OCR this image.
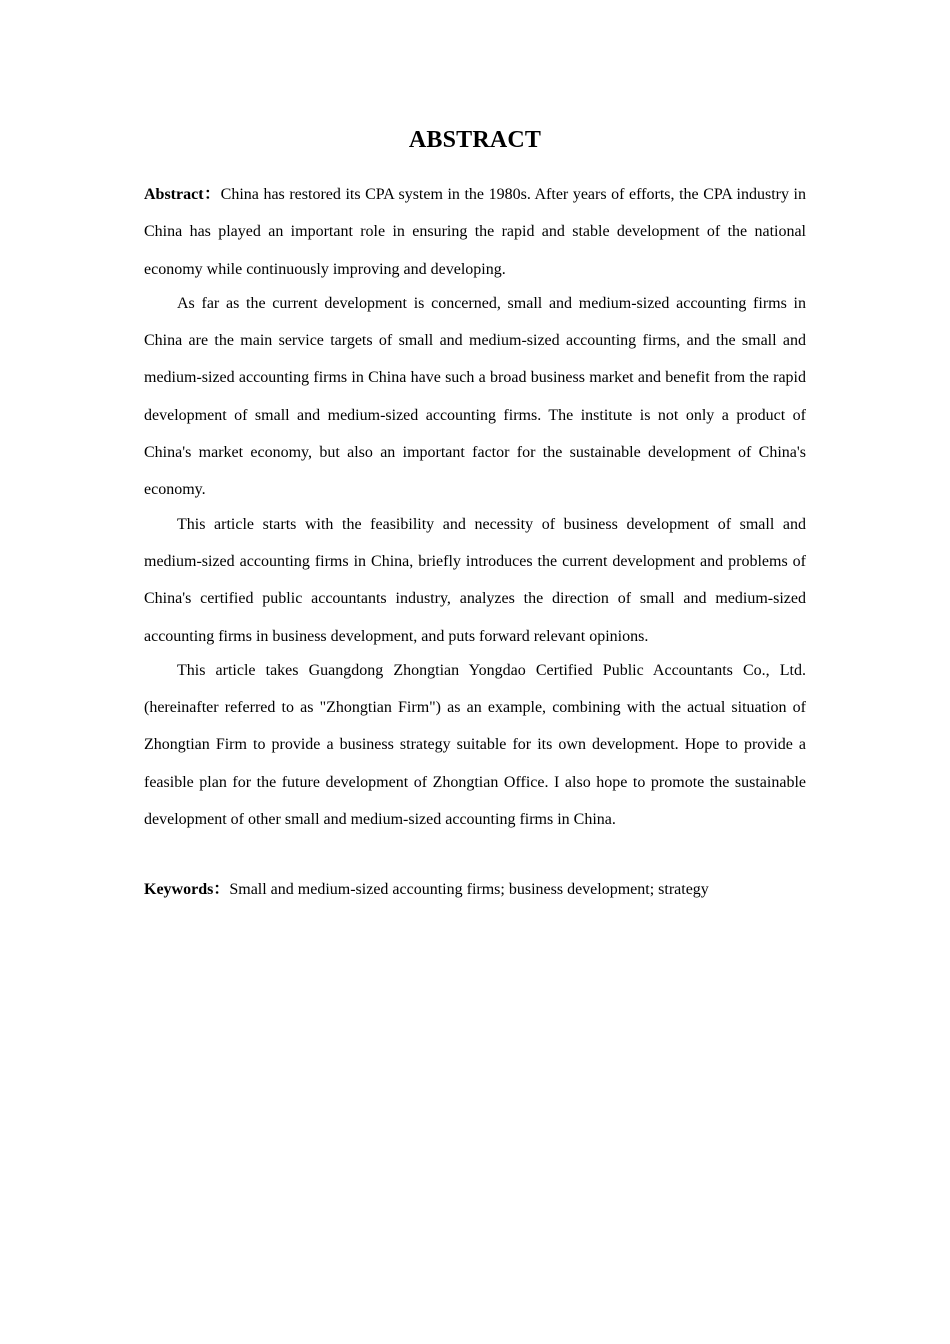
ABSTRACT

Abstract：China has restored its CPA system in the 1980s. After years of efforts, the CPA industry in China has played an important role in ensuring the rapid and stable development of the national economy while continuously improving and developing.

As far as the current development is concerned, small and medium-sized accounting firms in China are the main service targets of small and medium-sized accounting firms, and the small and medium-sized accounting firms in China have such a broad business market and benefit from the rapid development of small and medium-sized accounting firms. The institute is not only a product of China's market economy, but also an important factor for the sustainable development of China's economy.

This article starts with the feasibility and necessity of business development of small and medium-sized accounting firms in China, briefly introduces the current development and problems of China's certified public accountants industry, analyzes the direction of small and medium-sized accounting firms in business development, and puts forward relevant opinions.

This article takes Guangdong Zhongtian Yongdao Certified Public Accountants Co., Ltd. (hereinafter referred to as "Zhongtian Firm") as an example, combining with the actual situation of Zhongtian Firm to provide a business strategy suitable for its own development. Hope to provide a feasible plan for the future development of Zhongtian Office. I also hope to promote the sustainable development of other small and medium-sized accounting firms in China.

Keywords：Small and medium-sized accounting firms; business development; strategy
